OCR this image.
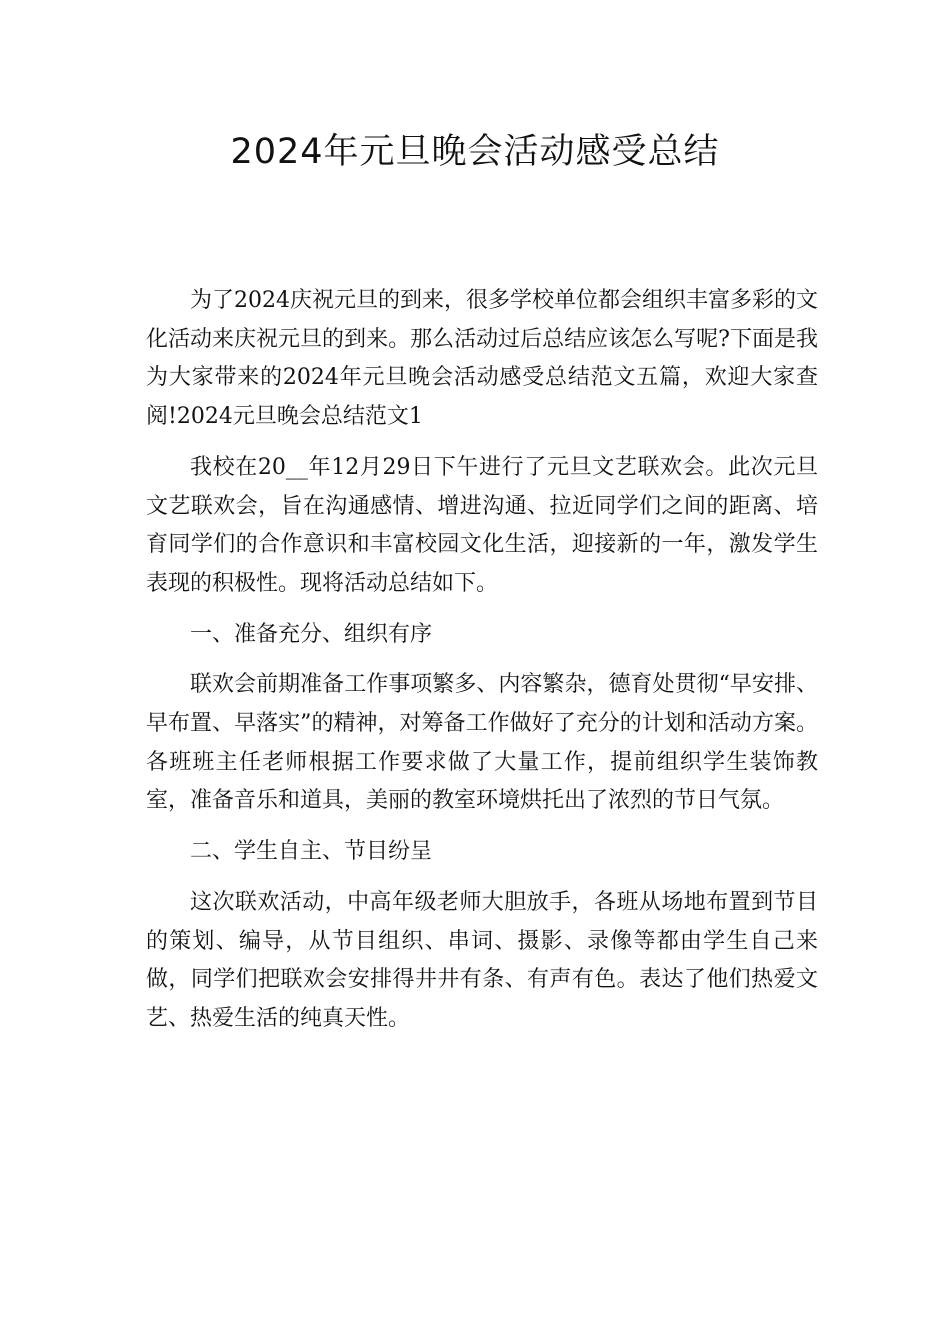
2024年元旦晚会活动感受总结

为了2024庆祝元旦的到来，很多学校单位都会组织丰富多彩的文化活动来庆祝元旦的到来。那么活动过后总结应该怎么写呢?下面是我为大家带来的2024年元旦晚会活动感受总结范文五篇，欢迎大家查阅!2024元旦晚会总结范文1

我校在20__年12月29日下午进行了元旦文艺联欢会。此次元旦文艺联欢会，旨在沟通感情、增进沟通、拉近同学们之间的距离、培育同学们的合作意识和丰富校园文化生活，迎接新的一年，激发学生表现的积极性。现将活动总结如下。

一、准备充分、组织有序

联欢会前期准备工作事项繁多、内容繁杂，德育处贯彻“早安排、早布置、早落实”的精神，对筹备工作做好了充分的计划和活动方案。各班班主任老师根据工作要求做了大量工作，提前组织学生装饰教室，准备音乐和道具，美丽的教室环境烘托出了浓烈的节日气氛。

二、学生自主、节目纷呈

这次联欢活动，中高年级老师大胆放手，各班从场地布置到节目的策划、编导，从节目组织、串词、摄影、录像等都由学生自己来做，同学们把联欢会安排得井井有条、有声有色。表达了他们热爱文艺、热爱生活的纯真天性。
